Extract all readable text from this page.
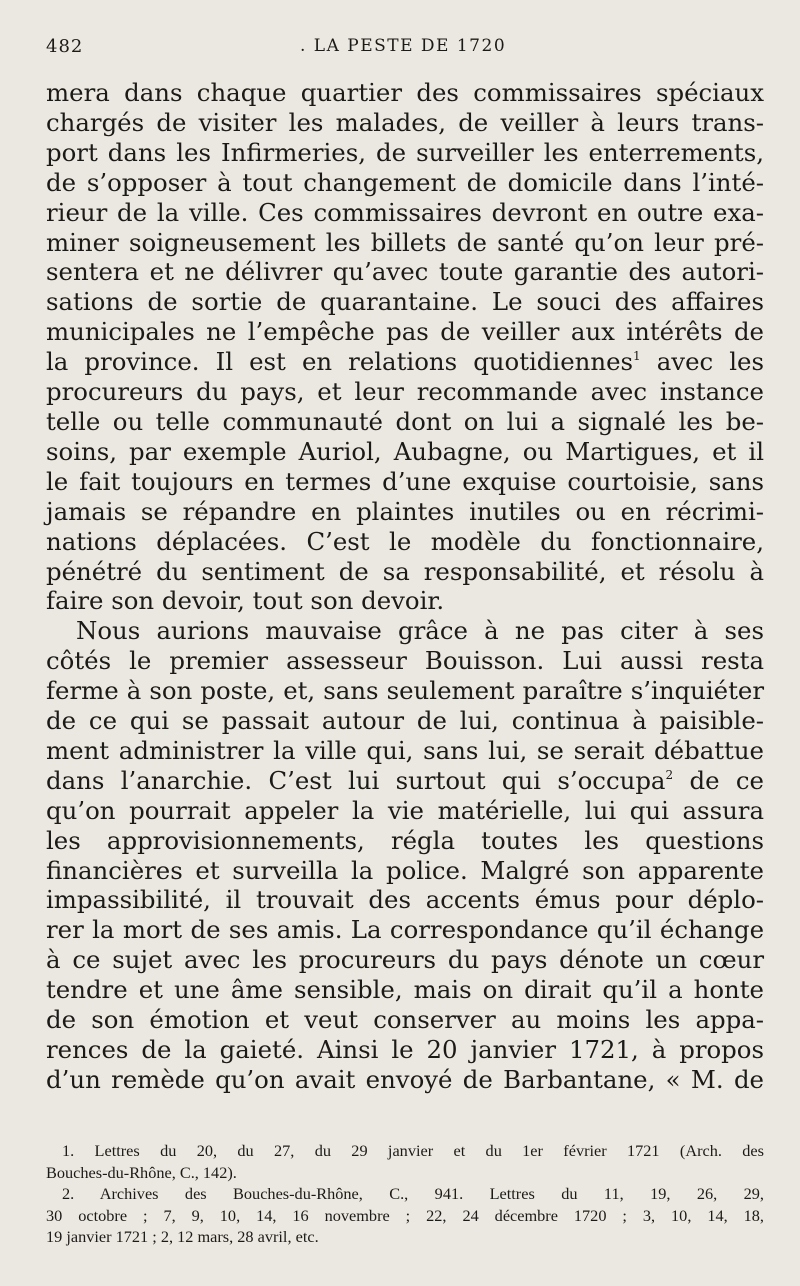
482	. LA PESTE DE 1720
mera dans chaque quartier des commissaires spéciaux
chargés de visiter les malades, de veiller à leurs trans-
port dans les Infirmeries, de surveiller les enterrements,
de s’opposer à tout changement de domicile dans l’inté-
rieur de la ville. Ces commissaires devront en outre exa-
miner soigneusement les billets de santé qu’on leur pré-
sentera et ne délivrer qu’avec toute garantie des autori-
sations de sortie de quarantaine. Le souci des affaires
municipales ne l’empêche pas de veiller aux intérêts de
la province. Il est en relations quotidiennes$^1$ avec les
procureurs du pays, et leur recommande avec instance
telle ou telle communauté dont on lui a signalé les be-
soins, par exemple Auriol, Aubagne, ou Martigues, et il
le fait toujours en termes d’une exquise courtoisie, sans
jamais se répandre en plaintes inutiles ou en récrimi-
nations déplacées. C’est le modèle du fonctionnaire,
pénétré du sentiment de sa responsabilité, et résolu à
faire son devoir, tout son devoir.
Nous aurions mauvaise grâce à ne pas citer à ses
côtés le premier assesseur Bouisson. Lui aussi resta
ferme à son poste, et, sans seulement paraître s’inquiéter
de ce qui se passait autour de lui, continua à paisible-
ment administrer la ville qui, sans lui, se serait débattue
dans l’anarchie. C’est lui surtout qui s’occupa$^2$ de ce
qu’on pourrait appeler la vie matérielle, lui qui assura
les approvisionnements, régla toutes les questions
financières et surveilla la police. Malgré son apparente
impassibilité, il trouvait des accents émus pour déplo-
rer la mort de ses amis. La correspondance qu’il échange
à ce sujet avec les procureurs du pays dénote un cœur
tendre et une âme sensible, mais on dirait qu’il a honte
de son émotion et veut conserver au moins les appa-
rences de la gaieté. Ainsi le 20 janvier 1721, à propos
d’un remède qu’on avait envoyé de Barbantane, « M. de
1. Lettres du 20, du 27, du 29 janvier et du 1er février 1721 (Arch. des
Bouches-du-Rhône, C., 142).
2. Archives des Bouches-du-Rhône, C., 941. Lettres du 11, 19, 26, 29,
30 octobre ; 7, 9, 10, 14, 16 novembre ; 22, 24 décembre 1720 ; 3, 10, 14, 18,
19 janvier 1721 ; 2, 12 mars, 28 avril, etc.
